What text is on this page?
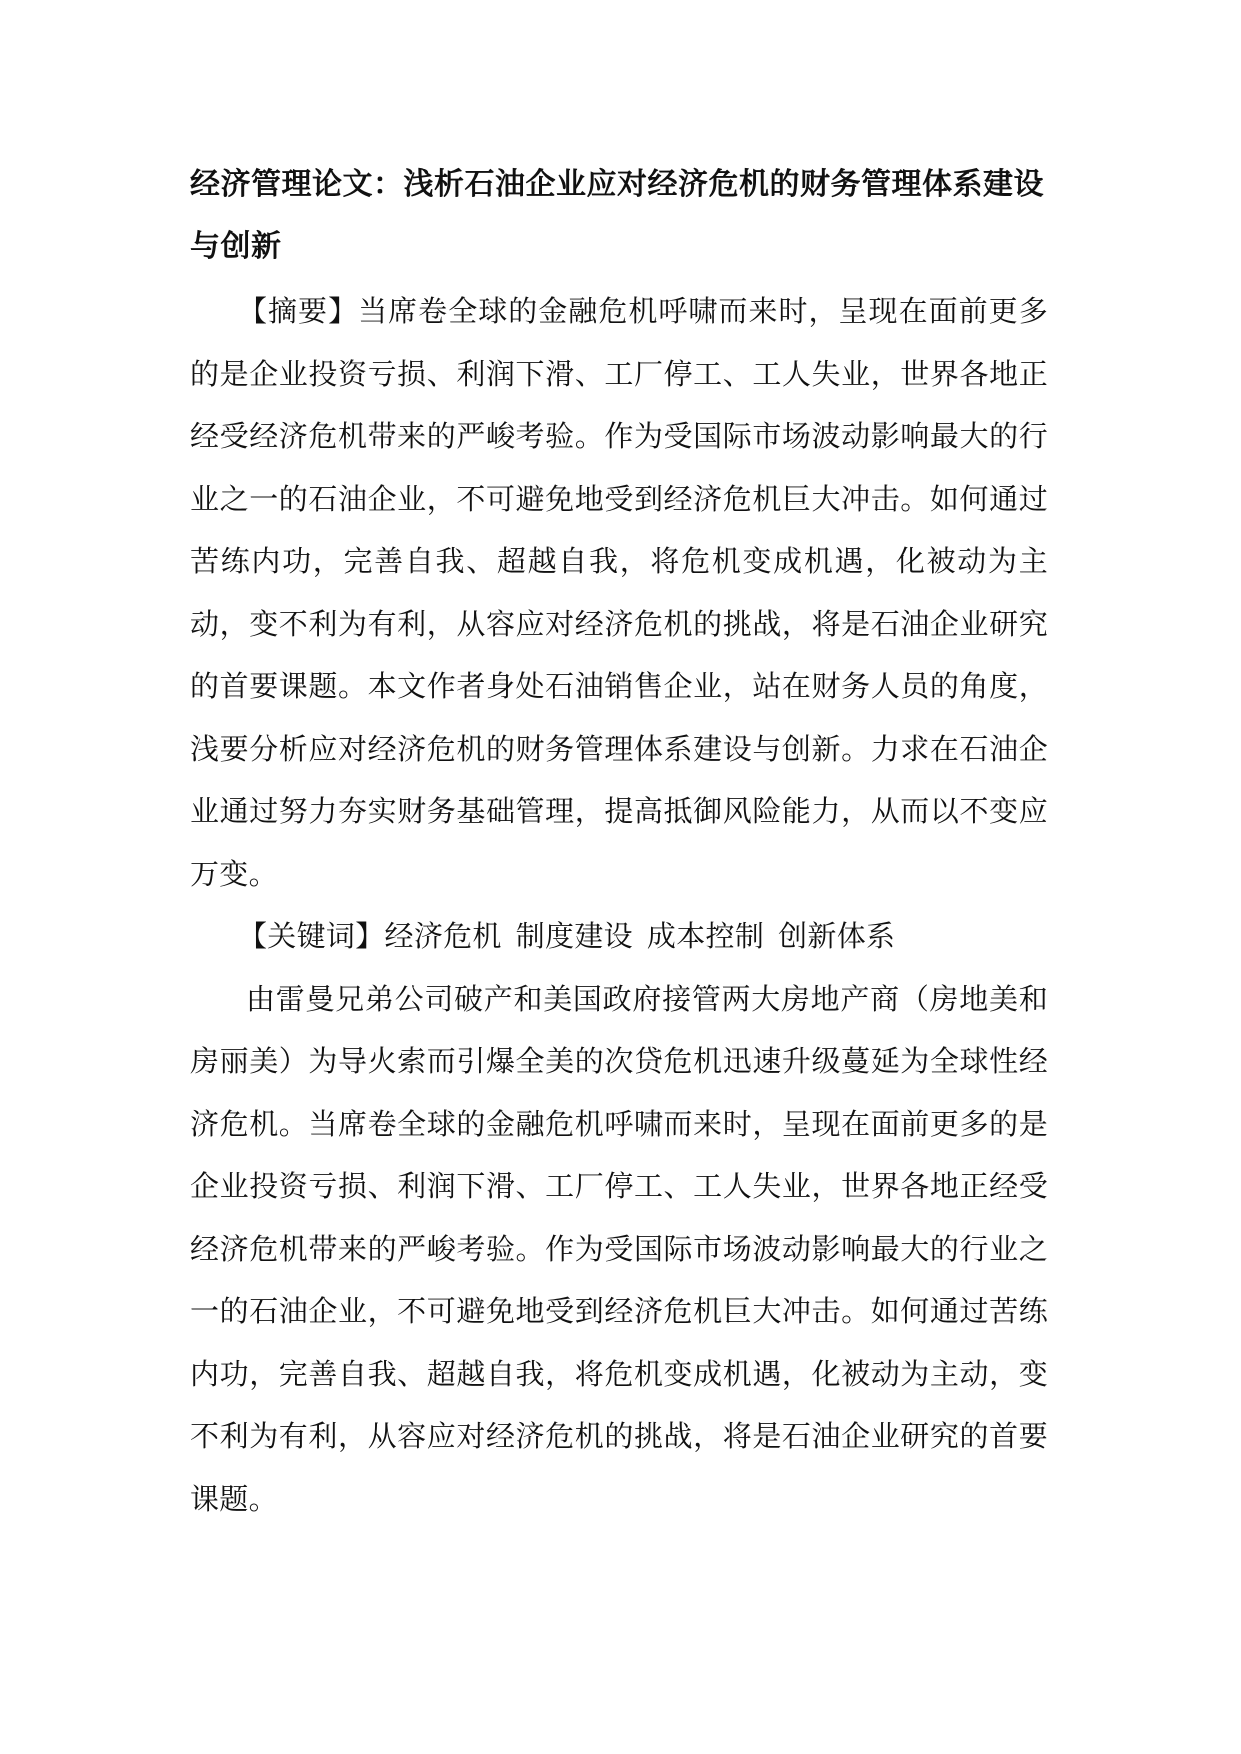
经济管理论文：浅析石油企业应对经济危机的财务管理体系建设与创新

【摘要】当席卷全球的金融危机呼啸而来时，呈现在面前更多的是企业投资亏损、利润下滑、工厂停工、工人失业，世界各地正经受经济危机带来的严峻考验。作为受国际市场波动影响最大的行业之一的石油企业，不可避免地受到经济危机巨大冲击。如何通过苦练内功，完善自我、超越自我，将危机变成机遇，化被动为主动，变不利为有利，从容应对经济危机的挑战，将是石油企业研究的首要课题。本文作者身处石油销售企业，站在财务人员的角度，浅要分析应对经济危机的财务管理体系建设与创新。力求在石油企业通过努力夯实财务基础管理，提高抵御风险能力，从而以不变应万变。

【关键词】经济危机 制度建设 成本控制 创新体系

由雷曼兄弟公司破产和美国政府接管两大房地产商（房地美和房丽美）为导火索而引爆全美的次贷危机迅速升级蔓延为全球性经济危机。当席卷全球的金融危机呼啸而来时，呈现在面前更多的是企业投资亏损、利润下滑、工厂停工、工人失业，世界各地正经受经济危机带来的严峻考验。作为受国际市场波动影响最大的行业之一的石油企业，不可避免地受到经济危机巨大冲击。如何通过苦练内功，完善自我、超越自我，将危机变成机遇，化被动为主动，变不利为有利，从容应对经济危机的挑战，将是石油企业研究的首要课题。
